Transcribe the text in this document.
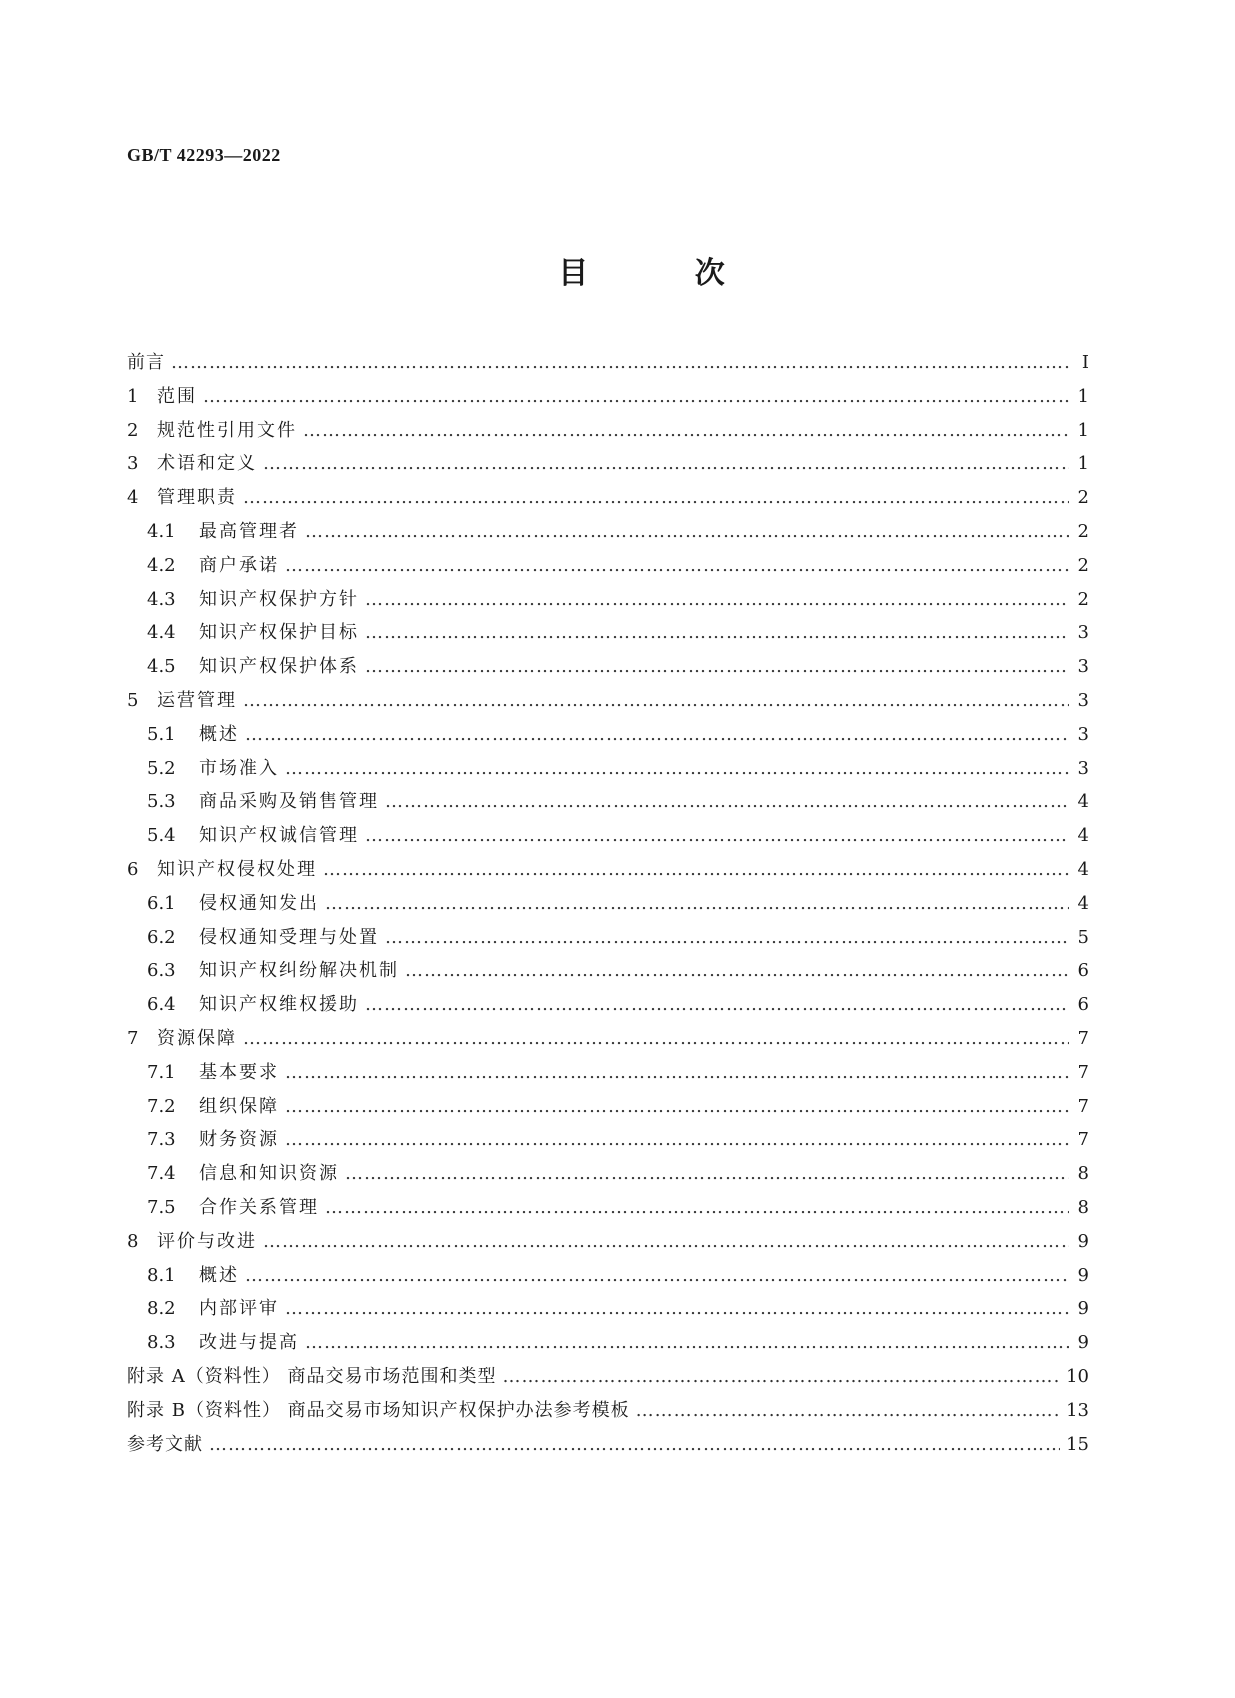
GB/T 42293—2022
目 次
前言 …………………………………………………………………………………………………………………………………………………………	Ⅰ
1 范围 …………………………………………………………………………………………………………………………………………………………	1
2 规范性引用文件 …………………………………………………………………………………………………………………………………………………………	1
3 术语和定义 …………………………………………………………………………………………………………………………………………………………	1
4 管理职责 …………………………………………………………………………………………………………………………………………………………	2
4.1 最高管理者 …………………………………………………………………………………………………………………………………………………………	2
4.2 商户承诺 …………………………………………………………………………………………………………………………………………………………	2
4.3 知识产权保护方针 …………………………………………………………………………………………………………………………………………………………	2
4.4 知识产权保护目标 …………………………………………………………………………………………………………………………………………………………	3
4.5 知识产权保护体系 …………………………………………………………………………………………………………………………………………………………	3
5 运营管理 …………………………………………………………………………………………………………………………………………………………	3
5.1 概述 …………………………………………………………………………………………………………………………………………………………	3
5.2 市场准入 …………………………………………………………………………………………………………………………………………………………	3
5.3 商品采购及销售管理 …………………………………………………………………………………………………………………………………………………………	4
5.4 知识产权诚信管理 …………………………………………………………………………………………………………………………………………………………	4
6 知识产权侵权处理 …………………………………………………………………………………………………………………………………………………………	4
6.1 侵权通知发出 …………………………………………………………………………………………………………………………………………………………	4
6.2 侵权通知受理与处置 …………………………………………………………………………………………………………………………………………………………	5
6.3 知识产权纠纷解决机制 …………………………………………………………………………………………………………………………………………………………	6
6.4 知识产权维权援助 …………………………………………………………………………………………………………………………………………………………	6
7 资源保障 …………………………………………………………………………………………………………………………………………………………	7
7.1 基本要求 …………………………………………………………………………………………………………………………………………………………	7
7.2 组织保障 …………………………………………………………………………………………………………………………………………………………	7
7.3 财务资源 …………………………………………………………………………………………………………………………………………………………	7
7.4 信息和知识资源 …………………………………………………………………………………………………………………………………………………………	8
7.5 合作关系管理 …………………………………………………………………………………………………………………………………………………………	8
8 评价与改进 …………………………………………………………………………………………………………………………………………………………	9
8.1 概述 …………………………………………………………………………………………………………………………………………………………	9
8.2 内部评审 …………………………………………………………………………………………………………………………………………………………	9
8.3 改进与提高 …………………………………………………………………………………………………………………………………………………………	9
附录 A（资料性） 商品交易市场范围和类型 …………………………………………………………………………………………………………………………………………………………	10
附录 B（资料性） 商品交易市场知识产权保护办法参考模板 …………………………………………………………………………………………………………………………………………………………	13
参考文献 …………………………………………………………………………………………………………………………………………………………	15
